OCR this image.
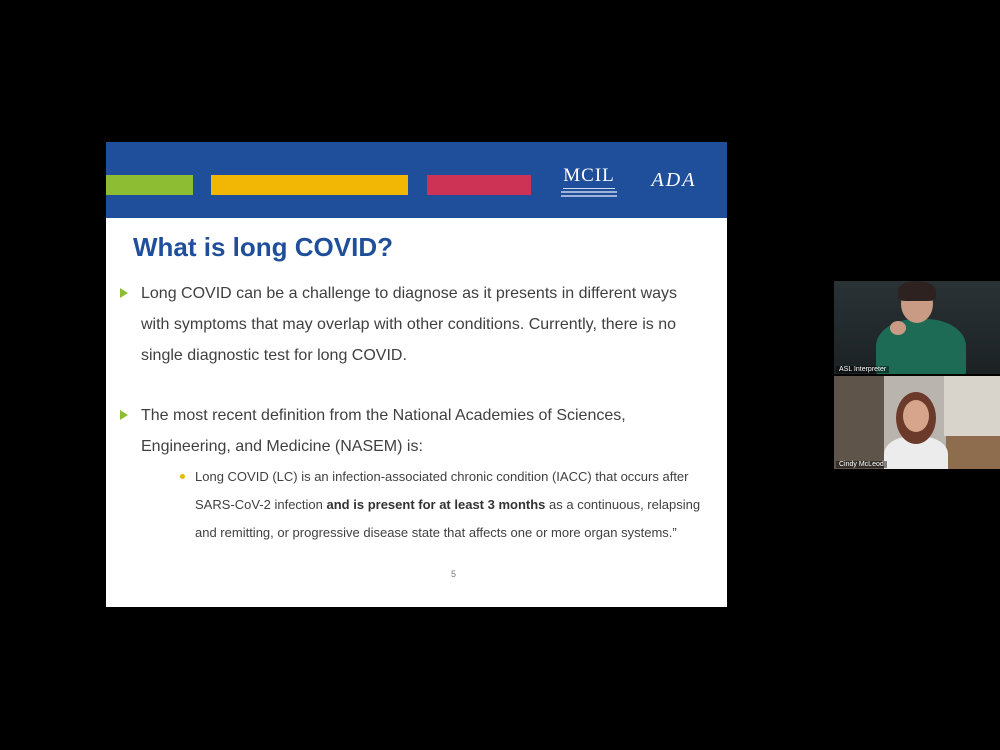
MCIL	ADA
What is long COVID?
Long COVID can be a challenge to diagnose as it presents in different ways with symptoms that may overlap with other conditions. Currently, there is no single diagnostic test for long COVID.
The most recent definition from the National Academies of Sciences, Engineering, and Medicine (NASEM) is:
Long COVID (LC) is an infection-associated chronic condition (IACC) that occurs after SARS-CoV-2 infection and is present for at least 3 months as a continuous, relapsing and remitting, or progressive disease state that affects one or more organ systems.”
5
ASL Interpreter
Cindy McLeod
